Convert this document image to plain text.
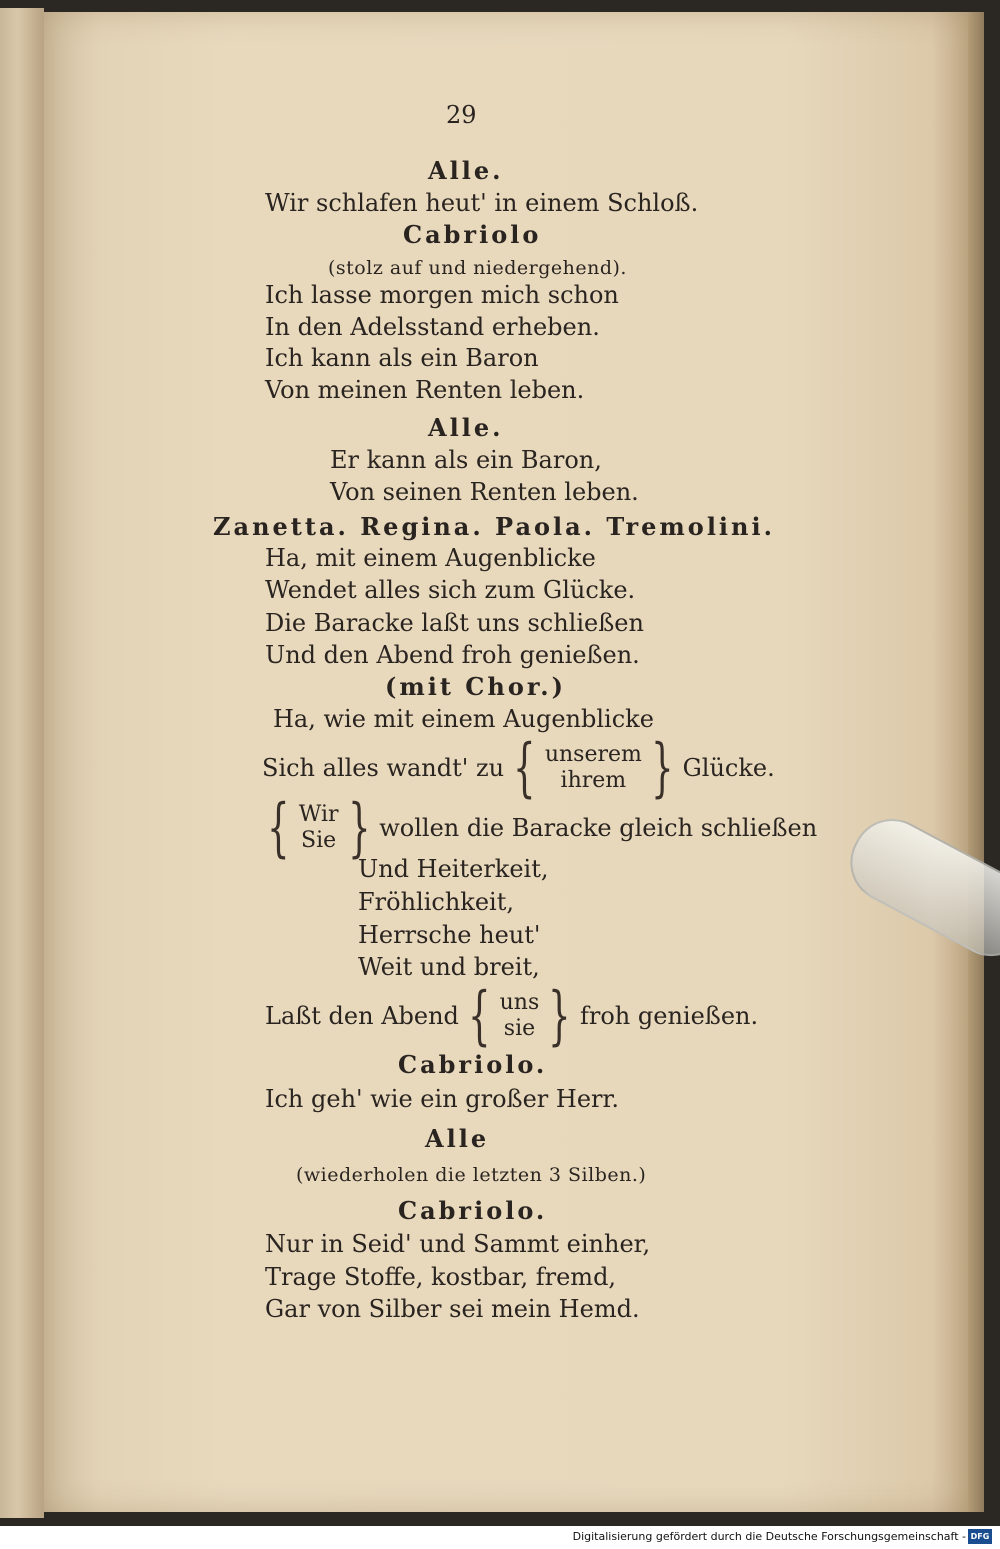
29
Alle.
Wir schlafen heut' in einem Schloß.
Cabriolo
(stolz auf und niedergehend).
Ich lasse morgen mich schon
In den Adelsstand erheben.
Ich kann als ein Baron
Von meinen Renten leben.
Alle.
Er kann als ein Baron,
Von seinen Renten leben.
Zanetta. Regina. Paola. Tremolini.
Ha, mit einem Augenblicke
Wendet alles sich zum Glücke.
Die Baracke laßt uns schließen
Und den Abend froh genießen.
(mit Chor.)
Ha, wie mit einem Augenblicke
Sich alles wandt' zu { unserem
ihrem } Glücke.
{ Wir
Sie } wollen die Baracke gleich schließen
Und Heiterkeit,
Fröhlichkeit,
Herrsche heut'
Weit und breit,
Laßt den Abend { uns
sie } froh genießen.
Cabriolo.
Ich geh' wie ein großer Herr.
Alle
(wiederholen die letzten 3 Silben.)
Cabriolo.
Nur in Seid' und Sammt einher,
Trage Stoffe, kostbar, fremd,
Gar von Silber sei mein Hemd.
Digitalisierung gefördert durch die Deutsche Forschungsgemeinschaft - DFG
